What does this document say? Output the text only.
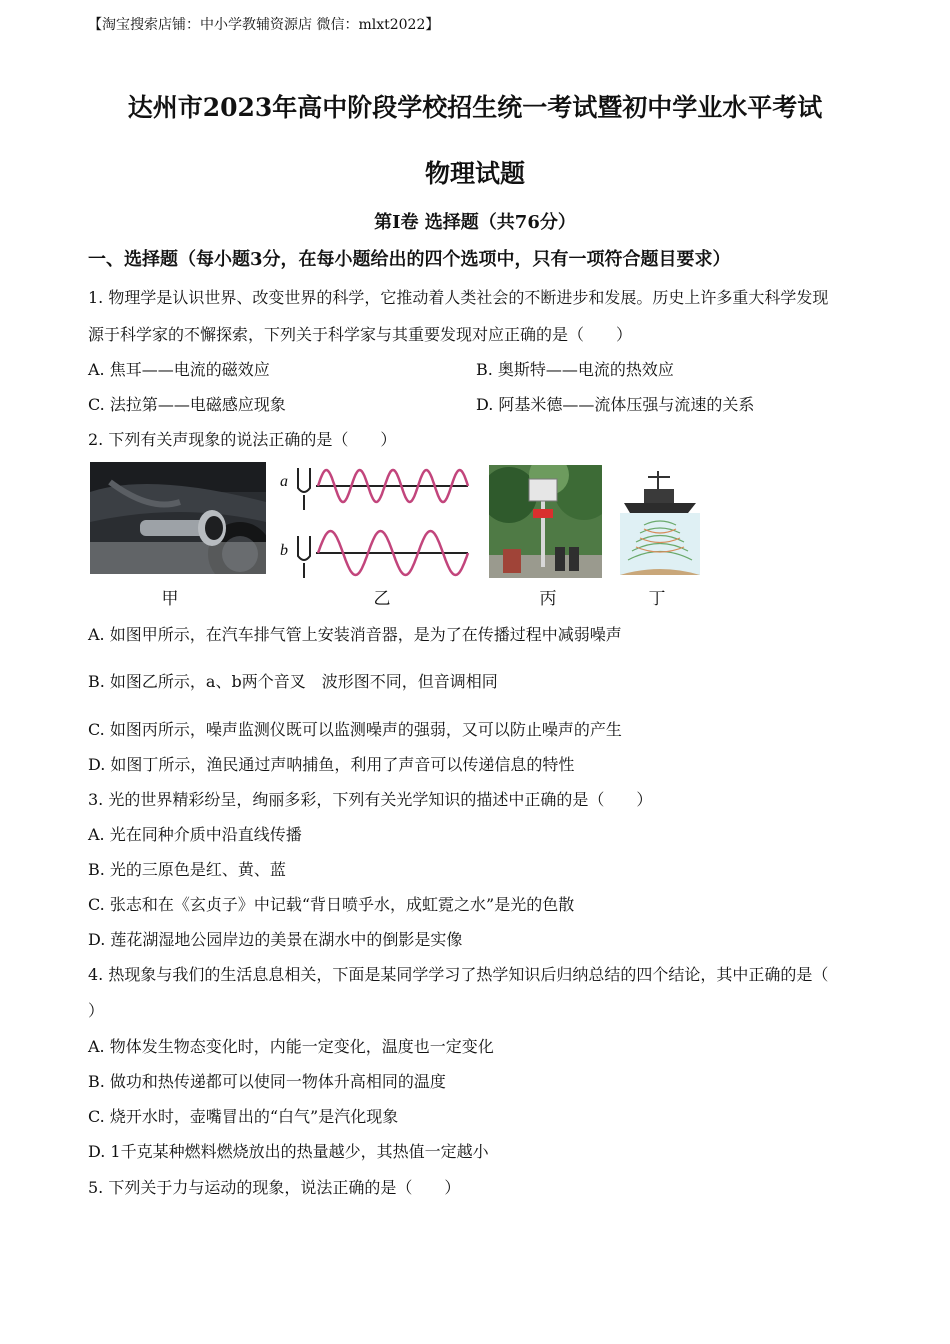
【淘宝搜索店铺：中小学教辅资源店 微信：mlxt2022】
达州市2023年高中阶段学校招生统一考试暨初中学业水平考试
物理试题
第Ⅰ卷 选择题（共76分）
一、选择题（每小题3分，在每小题给出的四个选项中，只有一项符合题目要求）
1. 物理学是认识世界、改变世界的科学，它推动着人类社会的不断进步和发展。历史上许多重大科学发现
源于科学家的不懈探索，下列关于科学家与其重要发现对应正确的是（　　）
A. 焦耳——电流的磁效应	B. 奥斯特——电流的热效应
C. 法拉第——电磁感应现象	D. 阿基米德——流体压强与流速的关系
2. 下列有关声现象的说法正确的是（　　）
a
b
甲	乙	丙	丁
A. 如图甲所示，在汽车排气管上安装消音器，是为了在传播过程中减弱噪声
B. 如图乙所示，a、b两个音叉　波形图不同，但音调相同
C. 如图丙所示，噪声监测仪既可以监测噪声的强弱，又可以防止噪声的产生
D. 如图丁所示，渔民通过声呐捕鱼，利用了声音可以传递信息的特性
3. 光的世界精彩纷呈，绚丽多彩，下列有关光学知识的描述中正确的是（　　）
A. 光在同种介质中沿直线传播
B. 光的三原色是红、黄、蓝
C. 张志和在《玄贞子》中记载“背日喷乎水，成虹霓之水”是光的色散
D. 莲花湖湿地公园岸边的美景在湖水中的倒影是实像
4. 热现象与我们的生活息息相关，下面是某同学学习了热学知识后归纳总结的四个结论，其中正确的是（
）
A. 物体发生物态变化时，内能一定变化，温度也一定变化
B. 做功和热传递都可以使同一物体升高相同的温度
C. 烧开水时，壶嘴冒出的“白气”是汽化现象
D. 1千克某种燃料燃烧放出的热量越少，其热值一定越小
5. 下列关于力与运动的现象，说法正确的是（　　）
